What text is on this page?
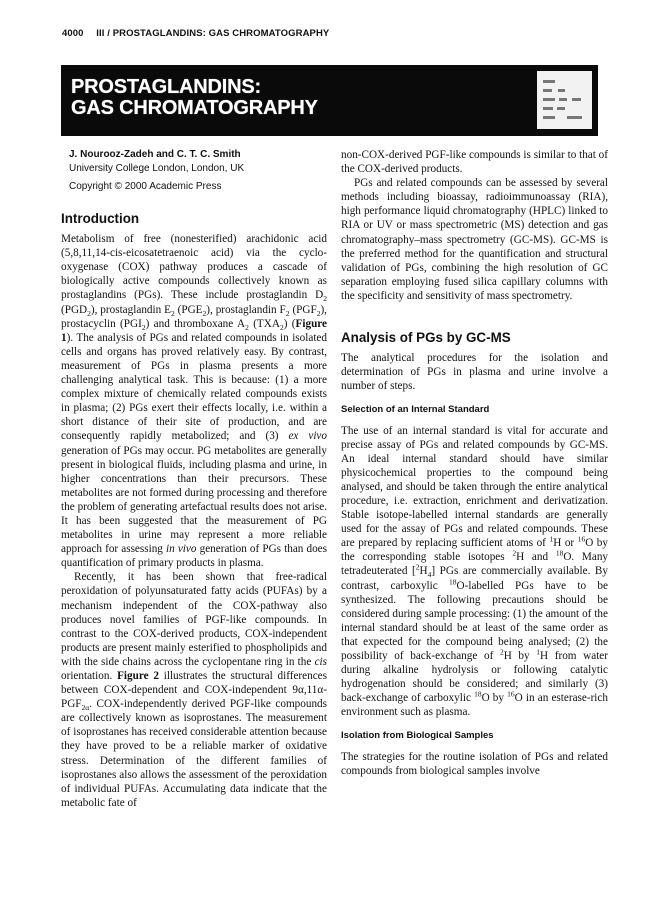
4000 III / PROSTAGLANDINS: GAS CHROMATOGRAPHY
PROSTAGLANDINS:
GAS CHROMATOGRAPHY
J. Nourooz-Zadeh and C. T. C. Smith
University College London, London, UK
Copyright © 2000 Academic Press
Introduction

Metabolism of free (nonesterified) arachidonic acid (5,8,11,14-cis-eicosatetraenoic acid) via the cyclo-oxygenase (COX) pathway produces a cascade of biologically active compounds collectively known as prostaglandins (PGs). These include prostaglandin $D_2$ $(PGD_2)$, prostaglandin $E_2$ $(PGE_2)$, prostaglandin $F_2$ $(PGF_2)$, prostacyclin $(PGI_2)$ and thromboxane $A_2$ $(TXA_2)$ (Figure 1). The analysis of PGs and related compounds in isolated cells and organs has proved relatively easy. By contrast, measurement of PGs in plasma presents a more challenging analytical task. This is because: (1) a more complex mixture of chemically related compounds exists in plasma; (2) PGs exert their effects locally, i.e. within a short distance of their site of production, and are consequently rapidly metabolized; and (3) ex vivo generation of PGs may occur. PG metabolites are generally present in biological fluids, including plasma and urine, in higher concentrations than their precursors. These metabolites are not formed during processing and therefore the problem of generating artefactual results does not arise. It has been suggested that the measurement of PG metabolites in urine may represent a more reliable approach for assessing in vivo generation of PGs than does quantification of primary products in plasma.

Recently, it has been shown that free-radical peroxidation of polyunsaturated fatty acids (PUFAs) by a mechanism independent of the COX-pathway also produces novel families of PGF-like compounds. In contrast to the COX-derived products, COX-independent products are present mainly esterified to phospholipids and with the side chains across the cyclopentane ring in the cis orientation. Figure 2 illustrates the structural differences between COX-dependent and COX-independent $9\alpha,11\alpha-PGF_{2\alpha}$. COX-independently derived PGF-like compounds are collectively known as isoprostanes. The measurement of isoprostanes has received considerable attention because they have proved to be a reliable marker of oxidative stress. Determination of the different families of isoprostanes also allows the assessment of the peroxidation of individual PUFAs. Accumulating data indicate that the metabolic fate of

non-COX-derived PGF-like compounds is similar to that of the COX-derived products.

PGs and related compounds can be assessed by several methods including bioassay, radioimmunoassay (RIA), high performance liquid chromatography (HPLC) linked to RIA or UV or mass spectrometric (MS) detection and gas chromatography–mass spectrometry (GC-MS). GC-MS is the preferred method for the quantification and structural validation of PGs, combining the high resolution of GC separation employing fused silica capillary columns with the specificity and sensitivity of mass spectrometry.

Analysis of PGs by GC-MS

The analytical procedures for the isolation and determination of PGs in plasma and urine involve a number of steps.

Selection of an Internal Standard

The use of an internal standard is vital for accurate and precise assay of PGs and related compounds by GC-MS. An ideal internal standard should have similar physicochemical properties to the compound being analysed, and should be taken through the entire analytical procedure, i.e. extraction, enrichment and derivatization. Stable isotope-labelled internal standards are generally used for the assay of PGs and related compounds. These are prepared by replacing sufficient atoms of $^1$H or $^{16}$O by the corresponding stable isotopes $^2$H and $^{18}$O. Many tetradeuterated $[^2H_4]$ PGs are commercially available. By contrast, carboxylic $^{18}$O-labelled PGs have to be synthesized. The following precautions should be considered during sample processing: (1) the amount of the internal standard should be at least of the same order as that expected for the compound being analysed; (2) the possibility of back-exchange of $^2$H by $^1$H from water during alkaline hydrolysis or following catalytic hydrogenation should be considered; and similarly (3) back-exchange of carboxylic $^{18}$O by $^{16}$O in an esterase-rich environment such as plasma.

Isolation from Biological Samples

The strategies for the routine isolation of PGs and related compounds from biological samples involve
